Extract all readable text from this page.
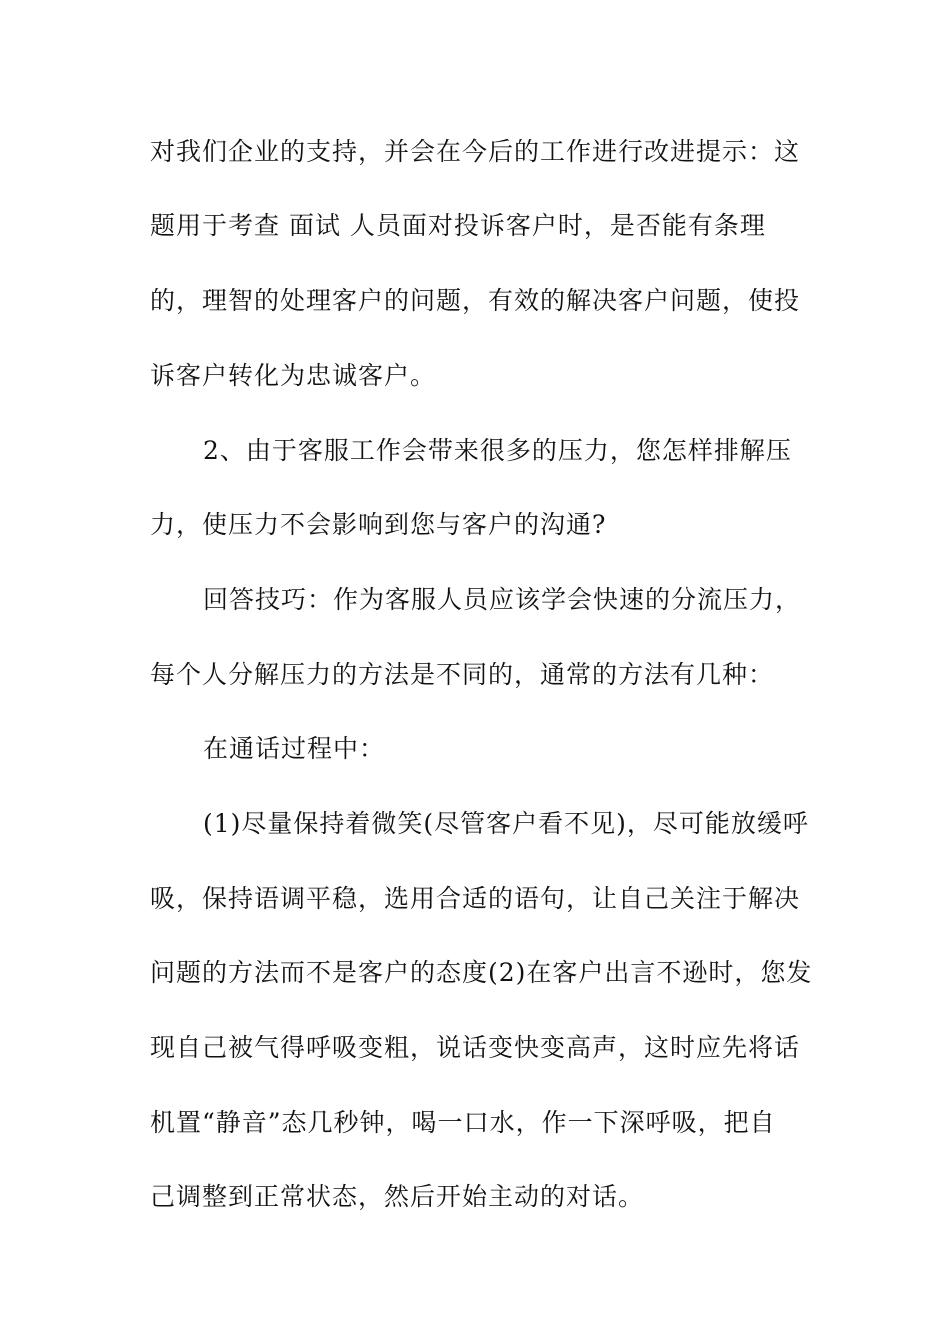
对我们企业的支持，并会在今后的工作进行改进提示：这
题用于考查 面试 人员面对投诉客户时，是否能有条理
的，理智的处理客户的问题，有效的解决客户问题，使投
诉客户转化为忠诚客户。
2、由于客服工作会带来很多的压力，您怎样排解压
力，使压力不会影响到您与客户的沟通?
回答技巧：作为客服人员应该学会快速的分流压力，
每个人分解压力的方法是不同的，通常的方法有几种：
在通话过程中：
(1)尽量保持着微笑(尽管客户看不见)，尽可能放缓呼
吸，保持语调平稳，选用合适的语句，让自己关注于解决
问题的方法而不是客户的态度(2)在客户出言不逊时，您发
现自己被气得呼吸变粗，说话变快变高声，这时应先将话
机置“静音”态几秒钟，喝一口水，作一下深呼吸，把自
己调整到正常状态，然后开始主动的对话。
